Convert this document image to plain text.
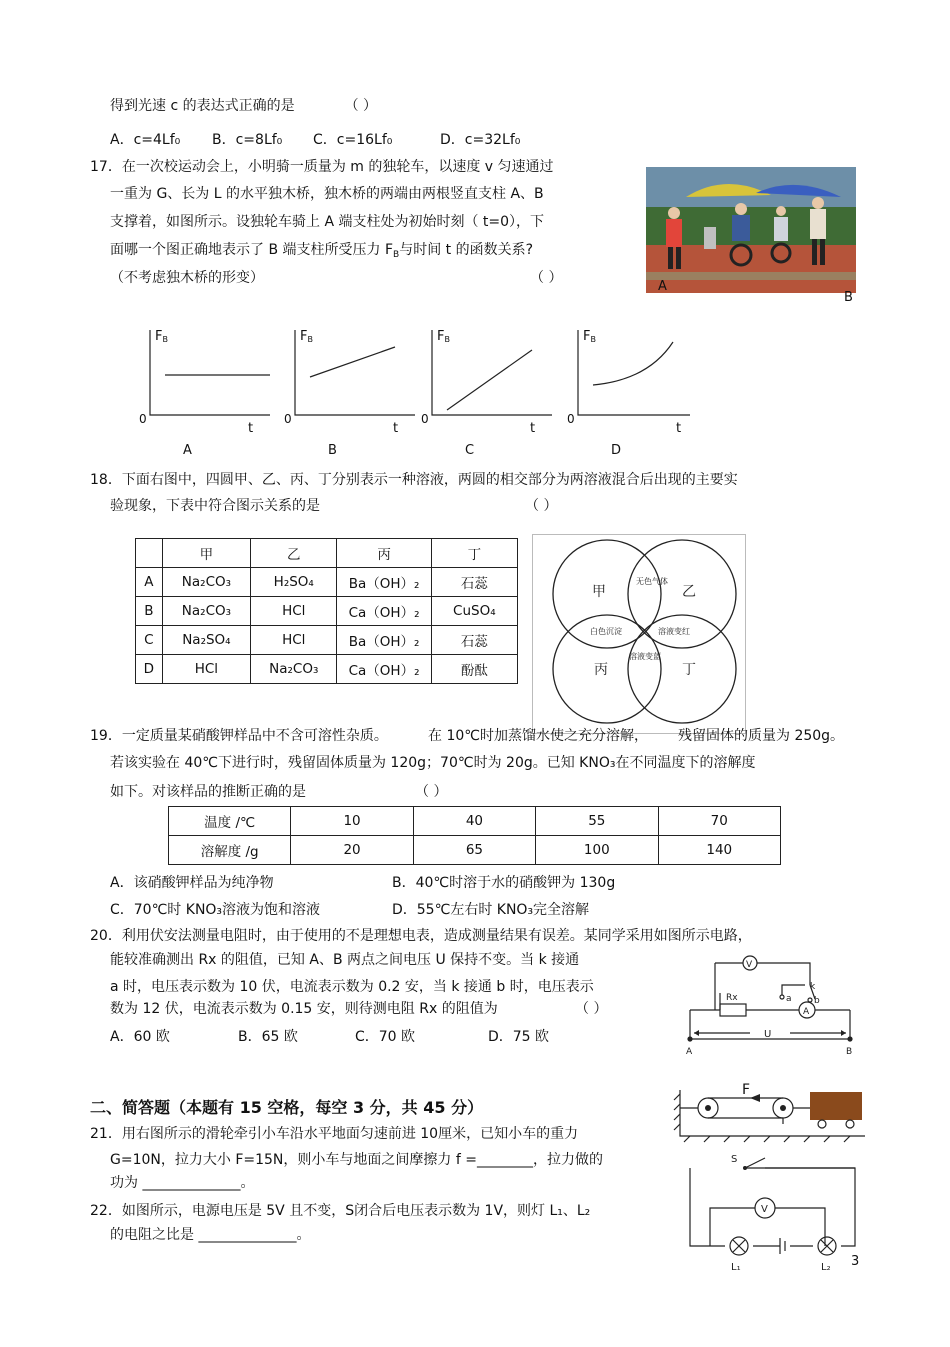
得到光速 c 的表达式正确的是	（ ）
A．c=4Lf₀ B．c=8Lf₀ C．c=16Lf₀	D．c=32Lf₀
17．在一次校运动会上，小明骑一质量为 m 的独轮车，以速度 v 匀速通过
一重为 G、长为 L 的水平独木桥，独木桥的两端由两根竖直支柱 A、B
支撑着，如图所示。设独轮车骑上 A 端支柱处为初始时刻（ t=0），下
面哪一个图正确地表示了 B 端支柱所受压力 $F_B$与时间 t 的函数关系?
（不考虑独木桥的形变）	（ ）
A
B
FB
t
0
A
FB
t
0
B
FB
t
0
C
FB
t
0
D
18．下面右图中，四圆甲、乙、丙、丁分别表示一种溶液，两圆的相交部分为两溶液混合后出现的主要实
验现象，下表中符合图示关系的是	（ ）
	甲	乙	丙	丁
A	Na₂CO₃	H₂SO₄	Ba（OH）₂	石蕊
B	Na₂CO₃	HCl	Ca（OH）₂	CuSO₄
C	Na₂SO₄	HCl	Ba（OH）₂	石蕊
D	HCl	Na₂CO₃	Ca（OH）₂	酚酞
甲	乙
丙	丁
无色气体
白色沉淀	溶液变红
溶液变蓝
19．一定质量某硝酸钾样品中不含可溶性杂质。	在 10℃时加蒸馏水使之充分溶解， 残留固体的质量为 250g。
若该实验在 40℃下进行时，残留固体质量为 120g；70℃时为 20g。已知 KNO₃在不同温度下的溶解度
如下。对该样品的推断正确的是	（ ）
温度 /℃	10	40	55	70
溶解度 /g	20	65	100	140
A．该硝酸钾样品为纯净物	B．40℃时溶于水的硝酸钾为 130g
C．70℃时 KNO₃溶液为饱和溶液	D．55℃左右时 KNO₃完全溶解
20．利用伏安法测量电阻时，由于使用的不是理想电表，造成测量结果有误差。某同学采用如图所示电路，
能较准确测出 Rx 的阻值，已知 A、B 两点之间电压 U 保持不变。当 k 接通
a 时，电压表示数为 10 伏，电流表示数为 0.2 安，当 k 接通 b 时，电压表示
数为 12 伏，电流表示数为 0.15 安，则待测电阻 Rx 的阻值为	（ ）
A．60 欧	B．65 欧	C．70 欧	D．75 欧
V
A
Rx	a b
k
A	B
U
二、简答题（本题有 15 空格，每空 3 分，共 45 分）
21．用右图所示的滑轮牵引小车沿水平地面匀速前进 10厘米，已知小车的重力
G=10N，拉力大小 F=15N，则小车与地面之间摩擦力 f =________，拉力做的
功为 ______________。
F
22．如图所示，电源电压是 5V 且不变，S闭合后电压表示数为 1V，则灯 L₁、L₂
的电阻之比是 ______________。
S
V
L₁	L₂ 3
